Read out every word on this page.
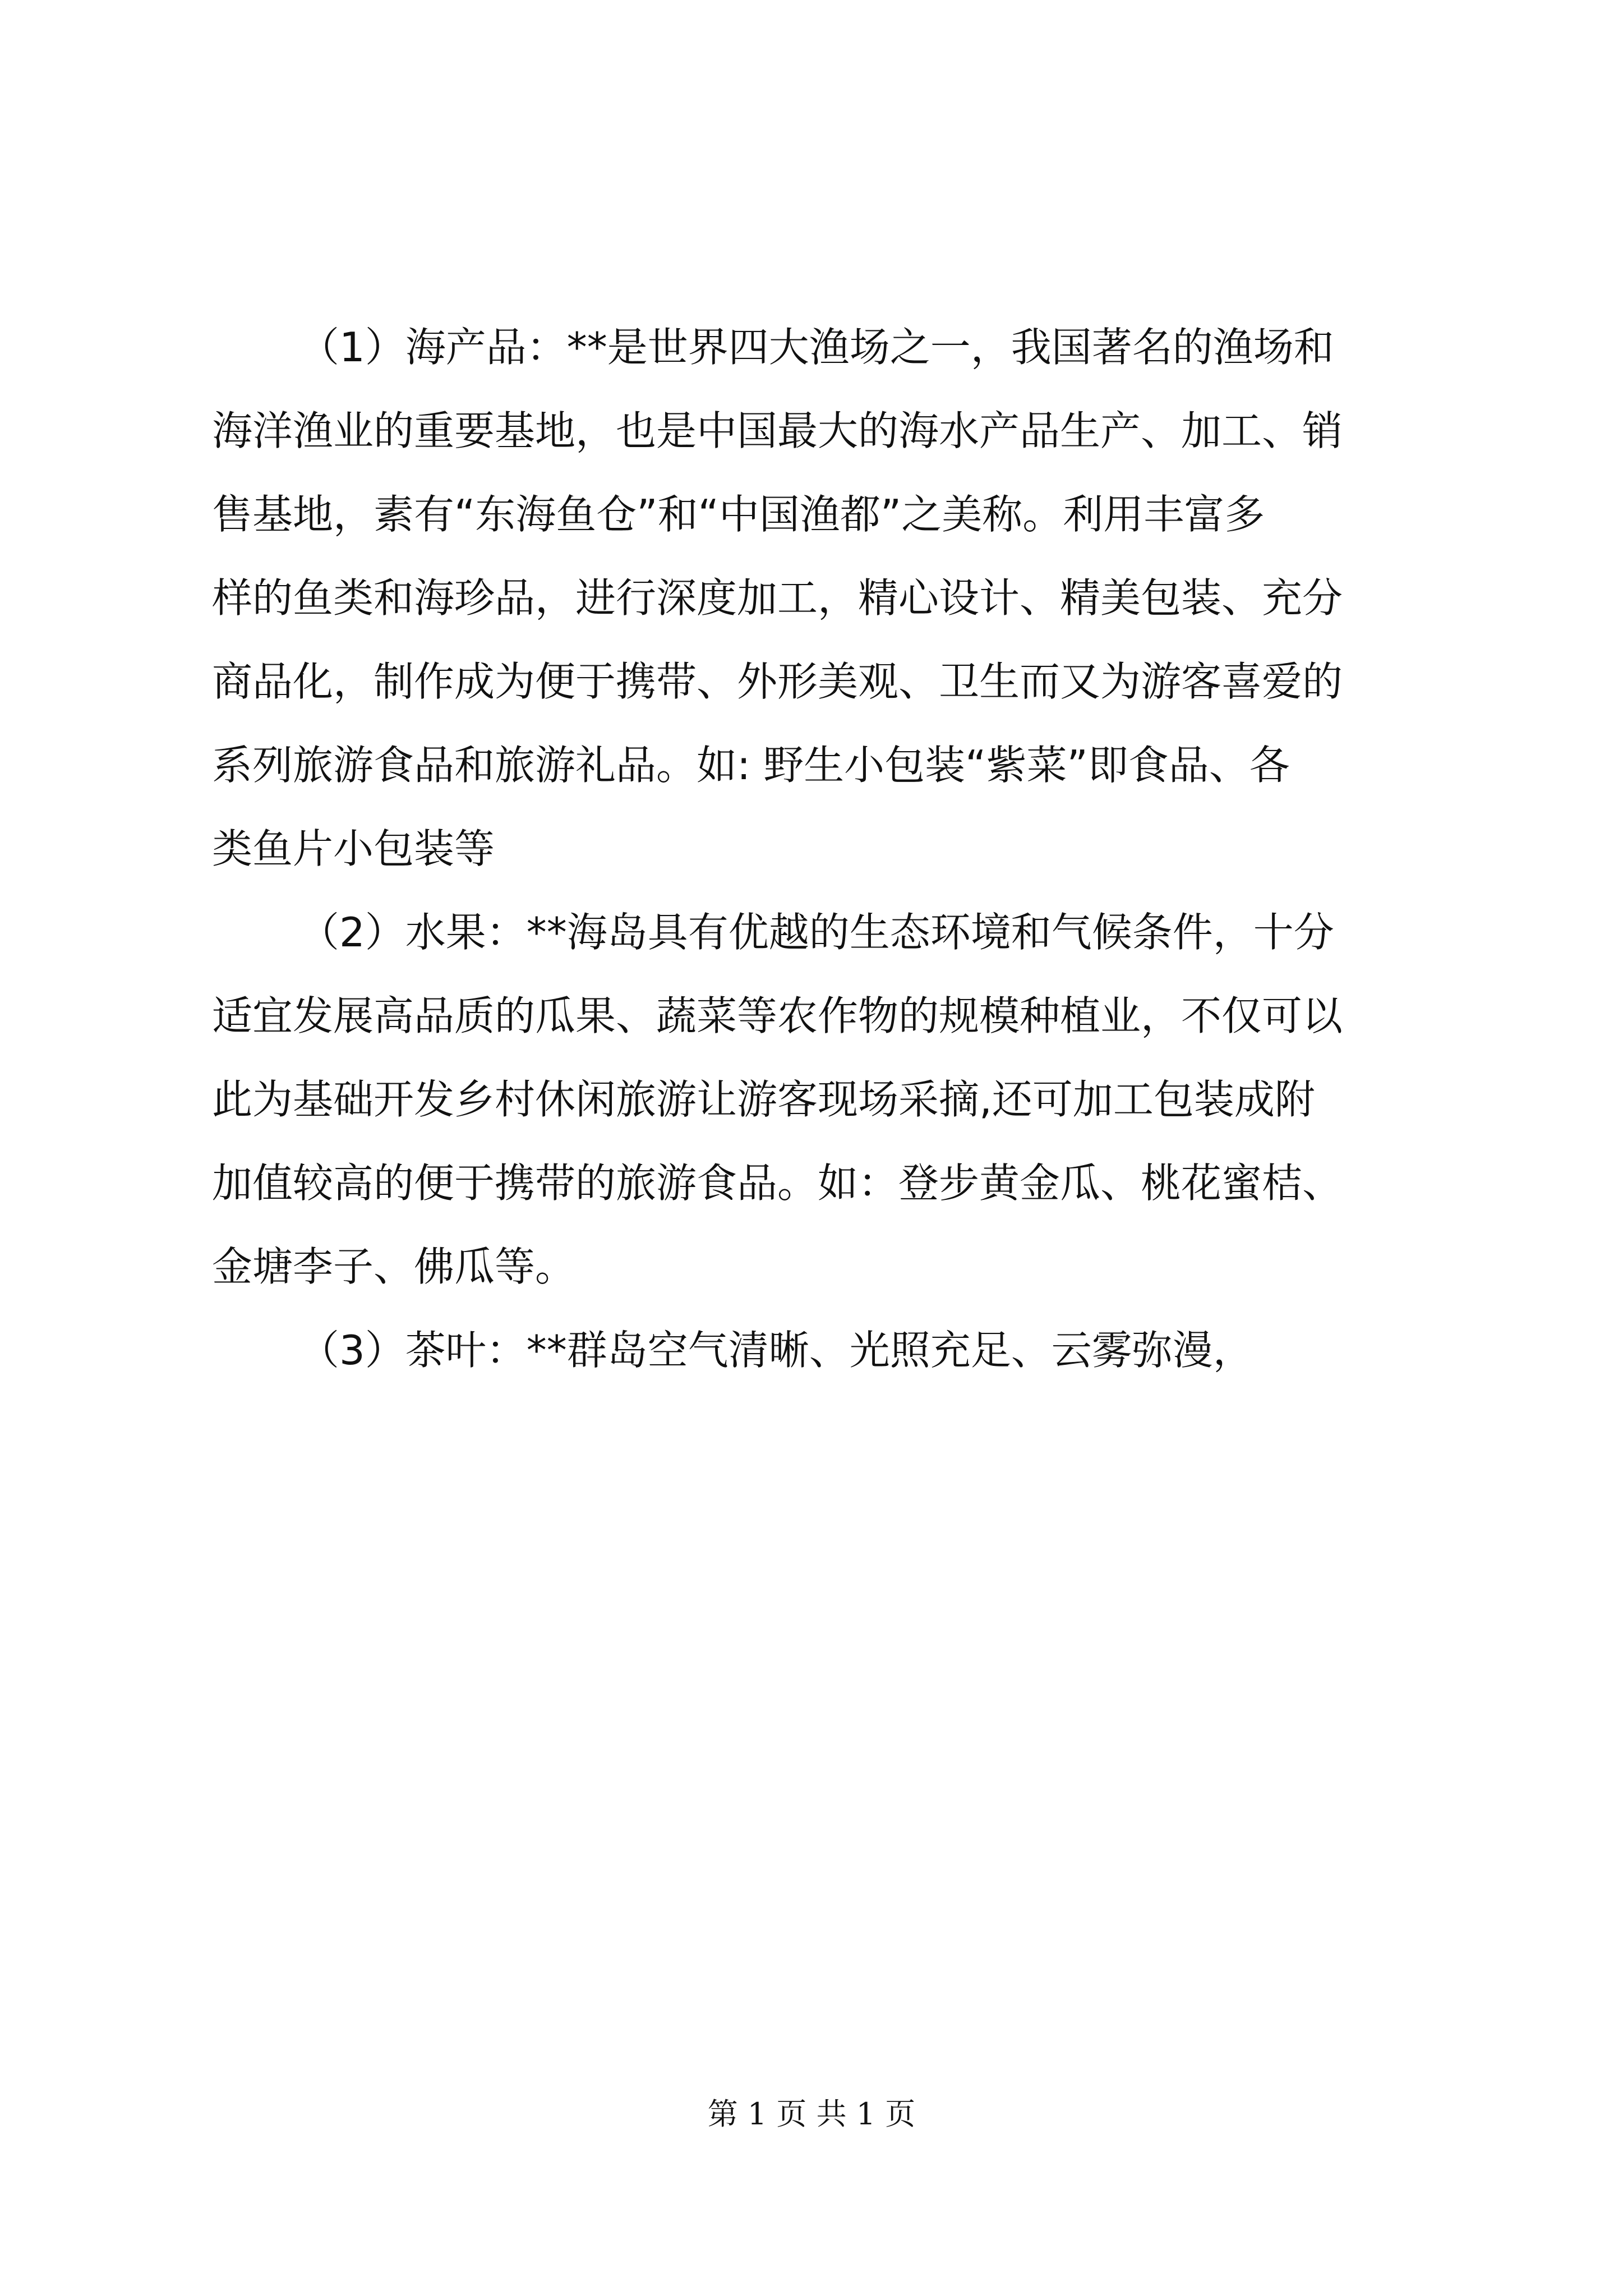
（1）海产品：**是世界四大渔场之一，我国著名的渔场和
海洋渔业的重要基地，也是中国最大的海水产品生产、加工、销
售基地，素有“东海鱼仓”和“中国渔都”之美称。利用丰富多
样的鱼类和海珍品，进行深度加工，精心设计、精美包装、充分
商品化，制作成为便于携带、外形美观、卫生而又为游客喜爱的
系列旅游食品和旅游礼品。如: 野生小包装“紫菜”即食品、各
类鱼片小包装等

（2）水果：**海岛具有优越的生态环境和气候条件，十分
适宜发展高品质的瓜果、蔬菜等农作物的规模种植业，不仅可以
此为基础开发乡村休闲旅游让游客现场采摘,还可加工包装成附
加值较高的便于携带的旅游食品。如：登步黄金瓜、桃花蜜桔、
金塘李子、佛瓜等。

（3）茶叶：**群岛空气清晰、光照充足、云雾弥漫，

第 1 页 共 1 页
